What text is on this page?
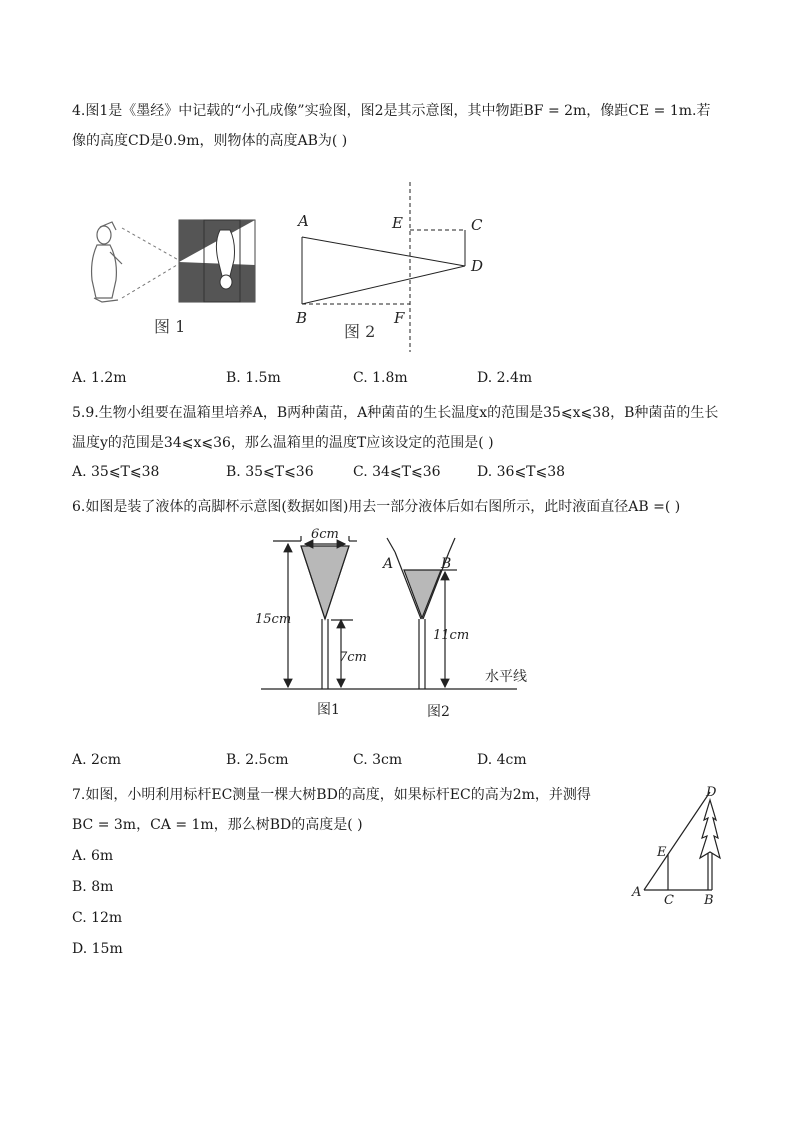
4.图1是《墨经》中记载的“小孔成像”实验图，图2是其示意图，其中物距BF = 2m，像距CE = 1m.若像的高度CD是0.9m，则物体的高度AB为( )
图 1
A
B
E
F
C
D
图 2
A. 1.2m	B. 1.5m	C. 1.8m	D. 2.4m
5.9.生物小组要在温箱里培养A，B两种菌苗，A种菌苗的生长温度x的范围是35⩽x⩽38，B种菌苗的生长温度y的范围是34⩽x⩽36，那么温箱里的温度T应该设定的范围是( )
A. 35⩽T⩽38	B. 35⩽T⩽36	C. 34⩽T⩽36	D. 36⩽T⩽38
6.如图是装了液体的高脚杯示意图(数据如图)用去一部分液体后如右图所示，此时液面直径AB =( )
水平线
6cm
15cm
7cm
图1
A	B
11cm
图2
A. 2cm	B. 2.5cm	C. 3cm	D. 4cm
7.如图，小明利用标杆EC测量一棵大树BD的高度，如果标杆EC的高为2m，并测得
BC = 3m，CA = 1m，那么树BD的高度是( )
D
E
A
C B
A. 6m
B. 8m
C. 12m
D. 15m
